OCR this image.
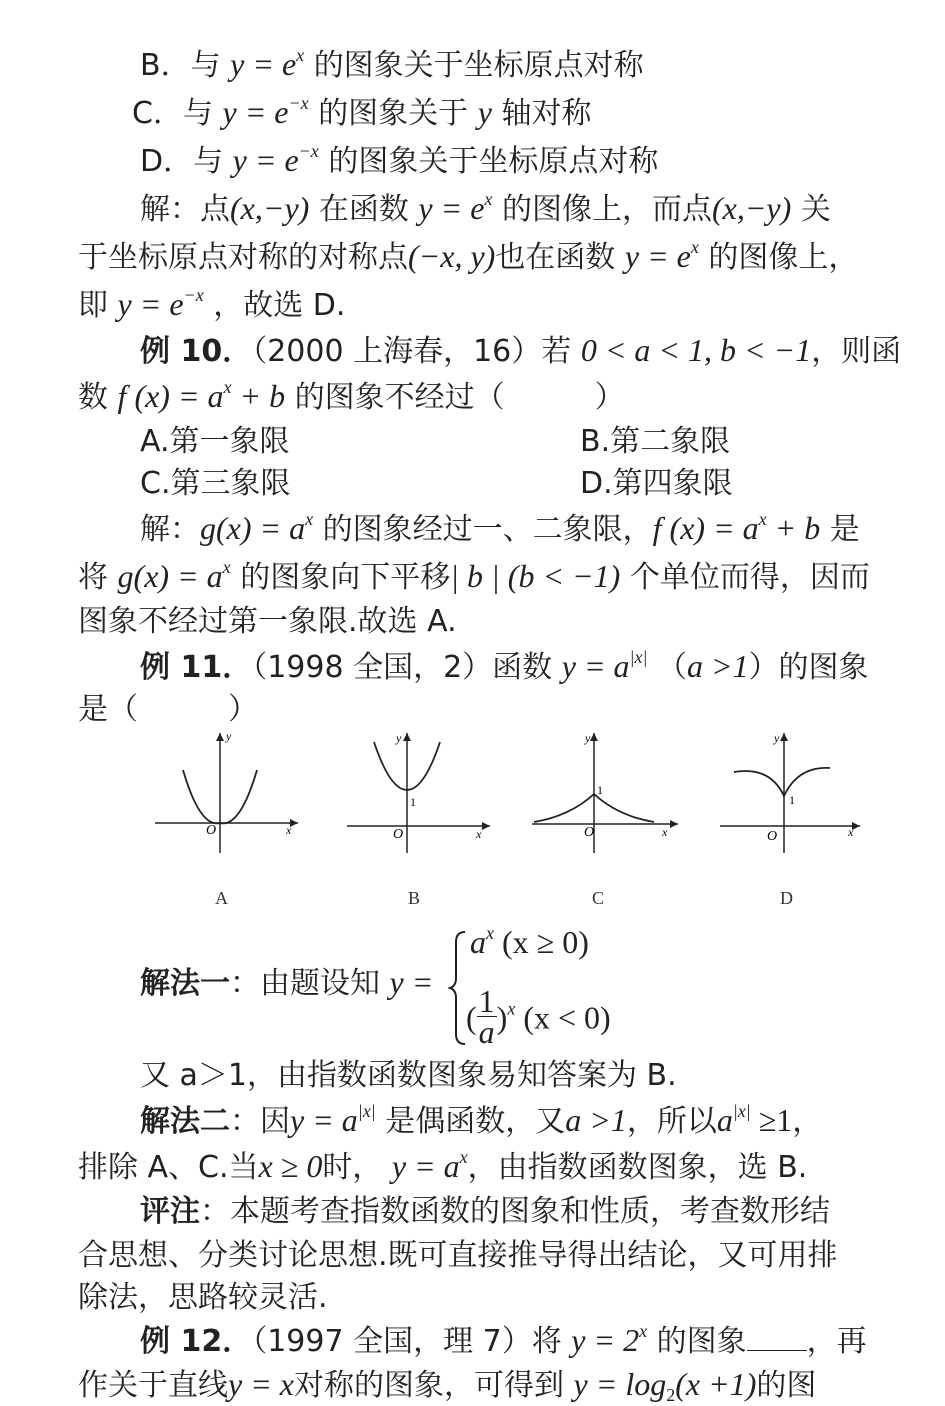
B．与 $y = e^x$ 的图象关于坐标原点对称
C．与 $y = e^{-x}$ 的图象关于 y 轴对称
D．与 $y = e^{-x}$ 的图象关于坐标原点对称
解：点(x,−y) 在函数 $y = e^x$ 的图像上，而点(x,−y) 关
于坐标原点对称的对称点(−x, y)也在函数 $y = e^x$ 的图像上，
即 $y = e^{-x}$ ，故选 D.
例 10．（2000 上海春，16）若 0 < a < 1, b < −1，则函
数 f $(x) = a^x + b$ 的图象不经过（　　　）
A.第一象限	B.第二象限
C.第三象限	D.第四象限
解：$g(x) = a^x$ 的图象经过一、二象限，f $(x) = a^x + b$ 是
将 $g(x) = a^x$ 的图象向下平移| b | (b < −1) 个单位而得，因而
图象不经过第一象限.故选 A.
例 11．（1998 全国，2）函数 $y = a^{|x|}$ （a >1）的图象
是（　　　）
O
y
x
A
1
O
y
x
B
1
O
y
x
C
1
O
y
x
D
解法一：由题设知 y =
$a^x$ (x ≥ 0)
( $\frac{1}{a} )^x$ (x < 0)
又 a＞1，由指数函数图象易知答案为 B.
解法二：因$y = a^{|x|}$ 是偶函数，又a >1，所以$a^{|x|} \ge 1$，
排除 A、C.当x ≥ 0时， $y = a^x$，由指数函数图象，选 B.
评注：本题考查指数函数的图象和性质，考查数形结
合思想、分类讨论思想.既可直接推导得出结论，又可用排
除法，思路较灵活.
例 12．（1997 全国，理 7）将 $y = 2^x$ 的图象 ，再
作关于直线y = x对称的图象，可得到 $y = \log_2(x +1)$的图
